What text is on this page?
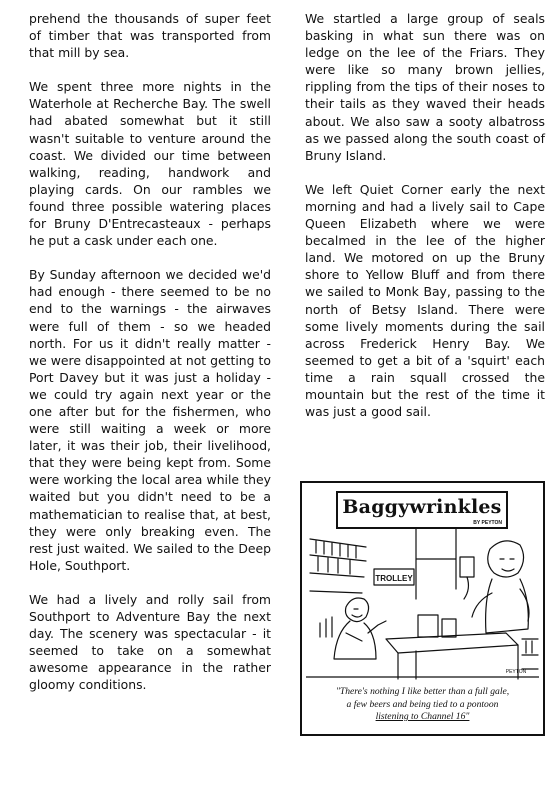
prehend the thousands of super feet of timber that was transported from that mill by sea.

We spent three more nights in the Waterhole at Recherche Bay. The swell had abated somewhat but it still wasn't suitable to venture around the coast. We divided our time between walking, reading, handwork and playing cards. On our rambles we found three possible watering places for Bruny D'Entrecasteaux - perhaps he put a cask under each one.

By Sunday afternoon we decided we'd had enough - there seemed to be no end to the warnings - the airwaves were full of them - so we headed north. For us it didn't really matter - we were disappointed at not getting to Port Davey but it was just a holiday - we could try again next year or the one after but for the fishermen, who were still waiting a week or more later, it was their job, their livelihood, that they were being kept from. Some were working the local area while they waited but you didn't need to be a mathematician to realise that, at best, they were only breaking even. The rest just waited. We sailed to the Deep Hole, Southport.

We had a lively and rolly sail from Southport to Adventure Bay the next day. The scenery was spectacular - it seemed to take on a somewhat awesome appearance in the rather gloomy conditions.

We startled a large group of seals basking in what sun there was on ledge on the lee of the Friars. They were like so many brown jellies, rippling from the tips of their noses to their tails as they waved their heads about. We also saw a sooty albatross as we passed along the south coast of Bruny Island.

We left Quiet Corner early the next morning and had a lively sail to Cape Queen Elizabeth where we were becalmed in the lee of the higher land. We motored on up the Bruny shore to Yellow Bluff and from there we sailed to Monk Bay, passing to the north of Betsy Island. There were some lively moments during the sail across Frederick Henry Bay. We seemed to get a bit of a 'squirt' each time a rain squall crossed the mountain but the rest of the time it was just a good sail.

Baggywrinkles
BY PEYTON
TROLLEY
PEYTON
"There's nothing I like better than a full gale,
a few beers and being tied to a pontoon
listening to Channel 16"
